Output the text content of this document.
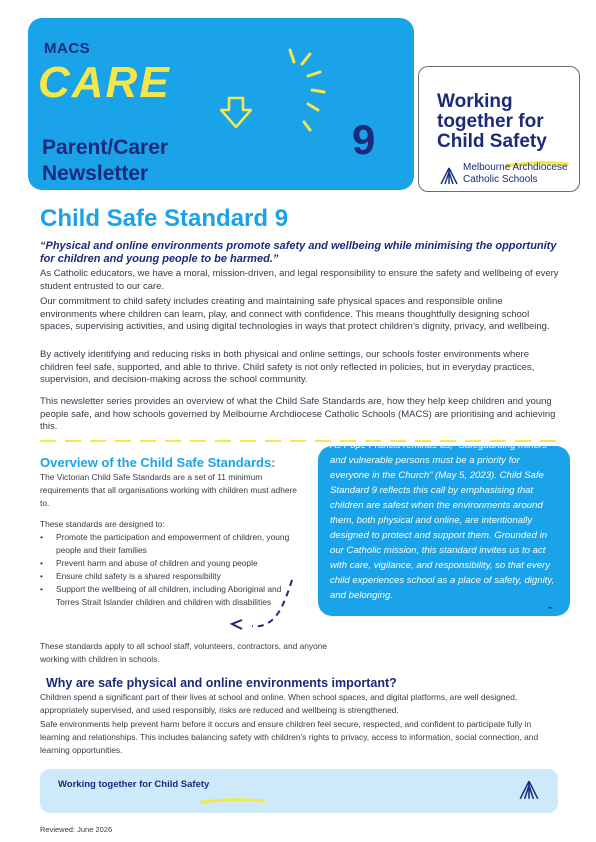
MACS
CARE
Parent/Carer Newsletter
9
Working together for Child Safety
Melbourne Archdiocese Catholic Schools
Child Safe Standard 9
“Physical and online environments promote safety and wellbeing while minimising the opportunity for children and young people to be harmed.”

As Catholic educators, we have a moral, mission-driven, and legal responsibility to ensure the safety and wellbeing of every student entrusted to our care.

Our commitment to child safety includes creating and maintaining safe physical spaces and responsible online environments where children can learn, play, and connect with confidence. This means thoughtfully designing school spaces, supervising activities, and using digital technologies in ways that protect children’s dignity, privacy, and wellbeing.

By actively identifying and reducing risks in both physical and online settings, our schools foster environments where children feel safe, supported, and able to thrive. Child safety is not only reflected in policies, but in everyday practices, supervision, and decision-making across the school community.

This newsletter series provides an overview of what the Child Safe Standards are, how they help keep children and young people safe, and how schools governed by Melbourne Archdiocese Catholic Schools (MACS) are prioritising and achieving this.

Overview of the Child Safe Standards:
The Victorian Child Safe Standards are a set of 11 minimum requirements that all organisations working with children must adhere to.
These standards are designed to:
• Promote the participation and empowerment of children, young people and their families
• Prevent harm and abuse of children and young people
• Ensure child safety is a shared responsibility
• Support the wellbeing of all children, including Aboriginal and Torres Strait Islander children and children with disabilities
These standards apply to all school staff, volunteers, contractors, and anyone working with children in schools.
As Pope Francis reminds us, “Safeguarding minors and vulnerable persons must be a priority for everyone in the Church” (May 5, 2023). Child Safe Standard 9 reflects this call by emphasising that children are safest when the environments around them, both physical and online, are intentionally designed to protect and support them. Grounded in our Catholic mission, this standard invites us to act with care, vigilance, and responsibility, so that every child experiences school as a place of safety, dignity, and belonging.
-
Why are safe physical and online environments important?
Children spend a significant part of their lives at school and online. When school spaces, and digital platforms, are well designed, appropriately supervised, and used responsibly, risks are reduced and wellbeing is strengthened.
Safe environments help prevent harm before it occurs and ensure children feel secure, respected, and confident to participate fully in learning and relationships. This includes balancing safety with children’s rights to privacy, access to information, social connection, and learning opportunities.
Working together for Child Safety
Reviewed: June 2026
